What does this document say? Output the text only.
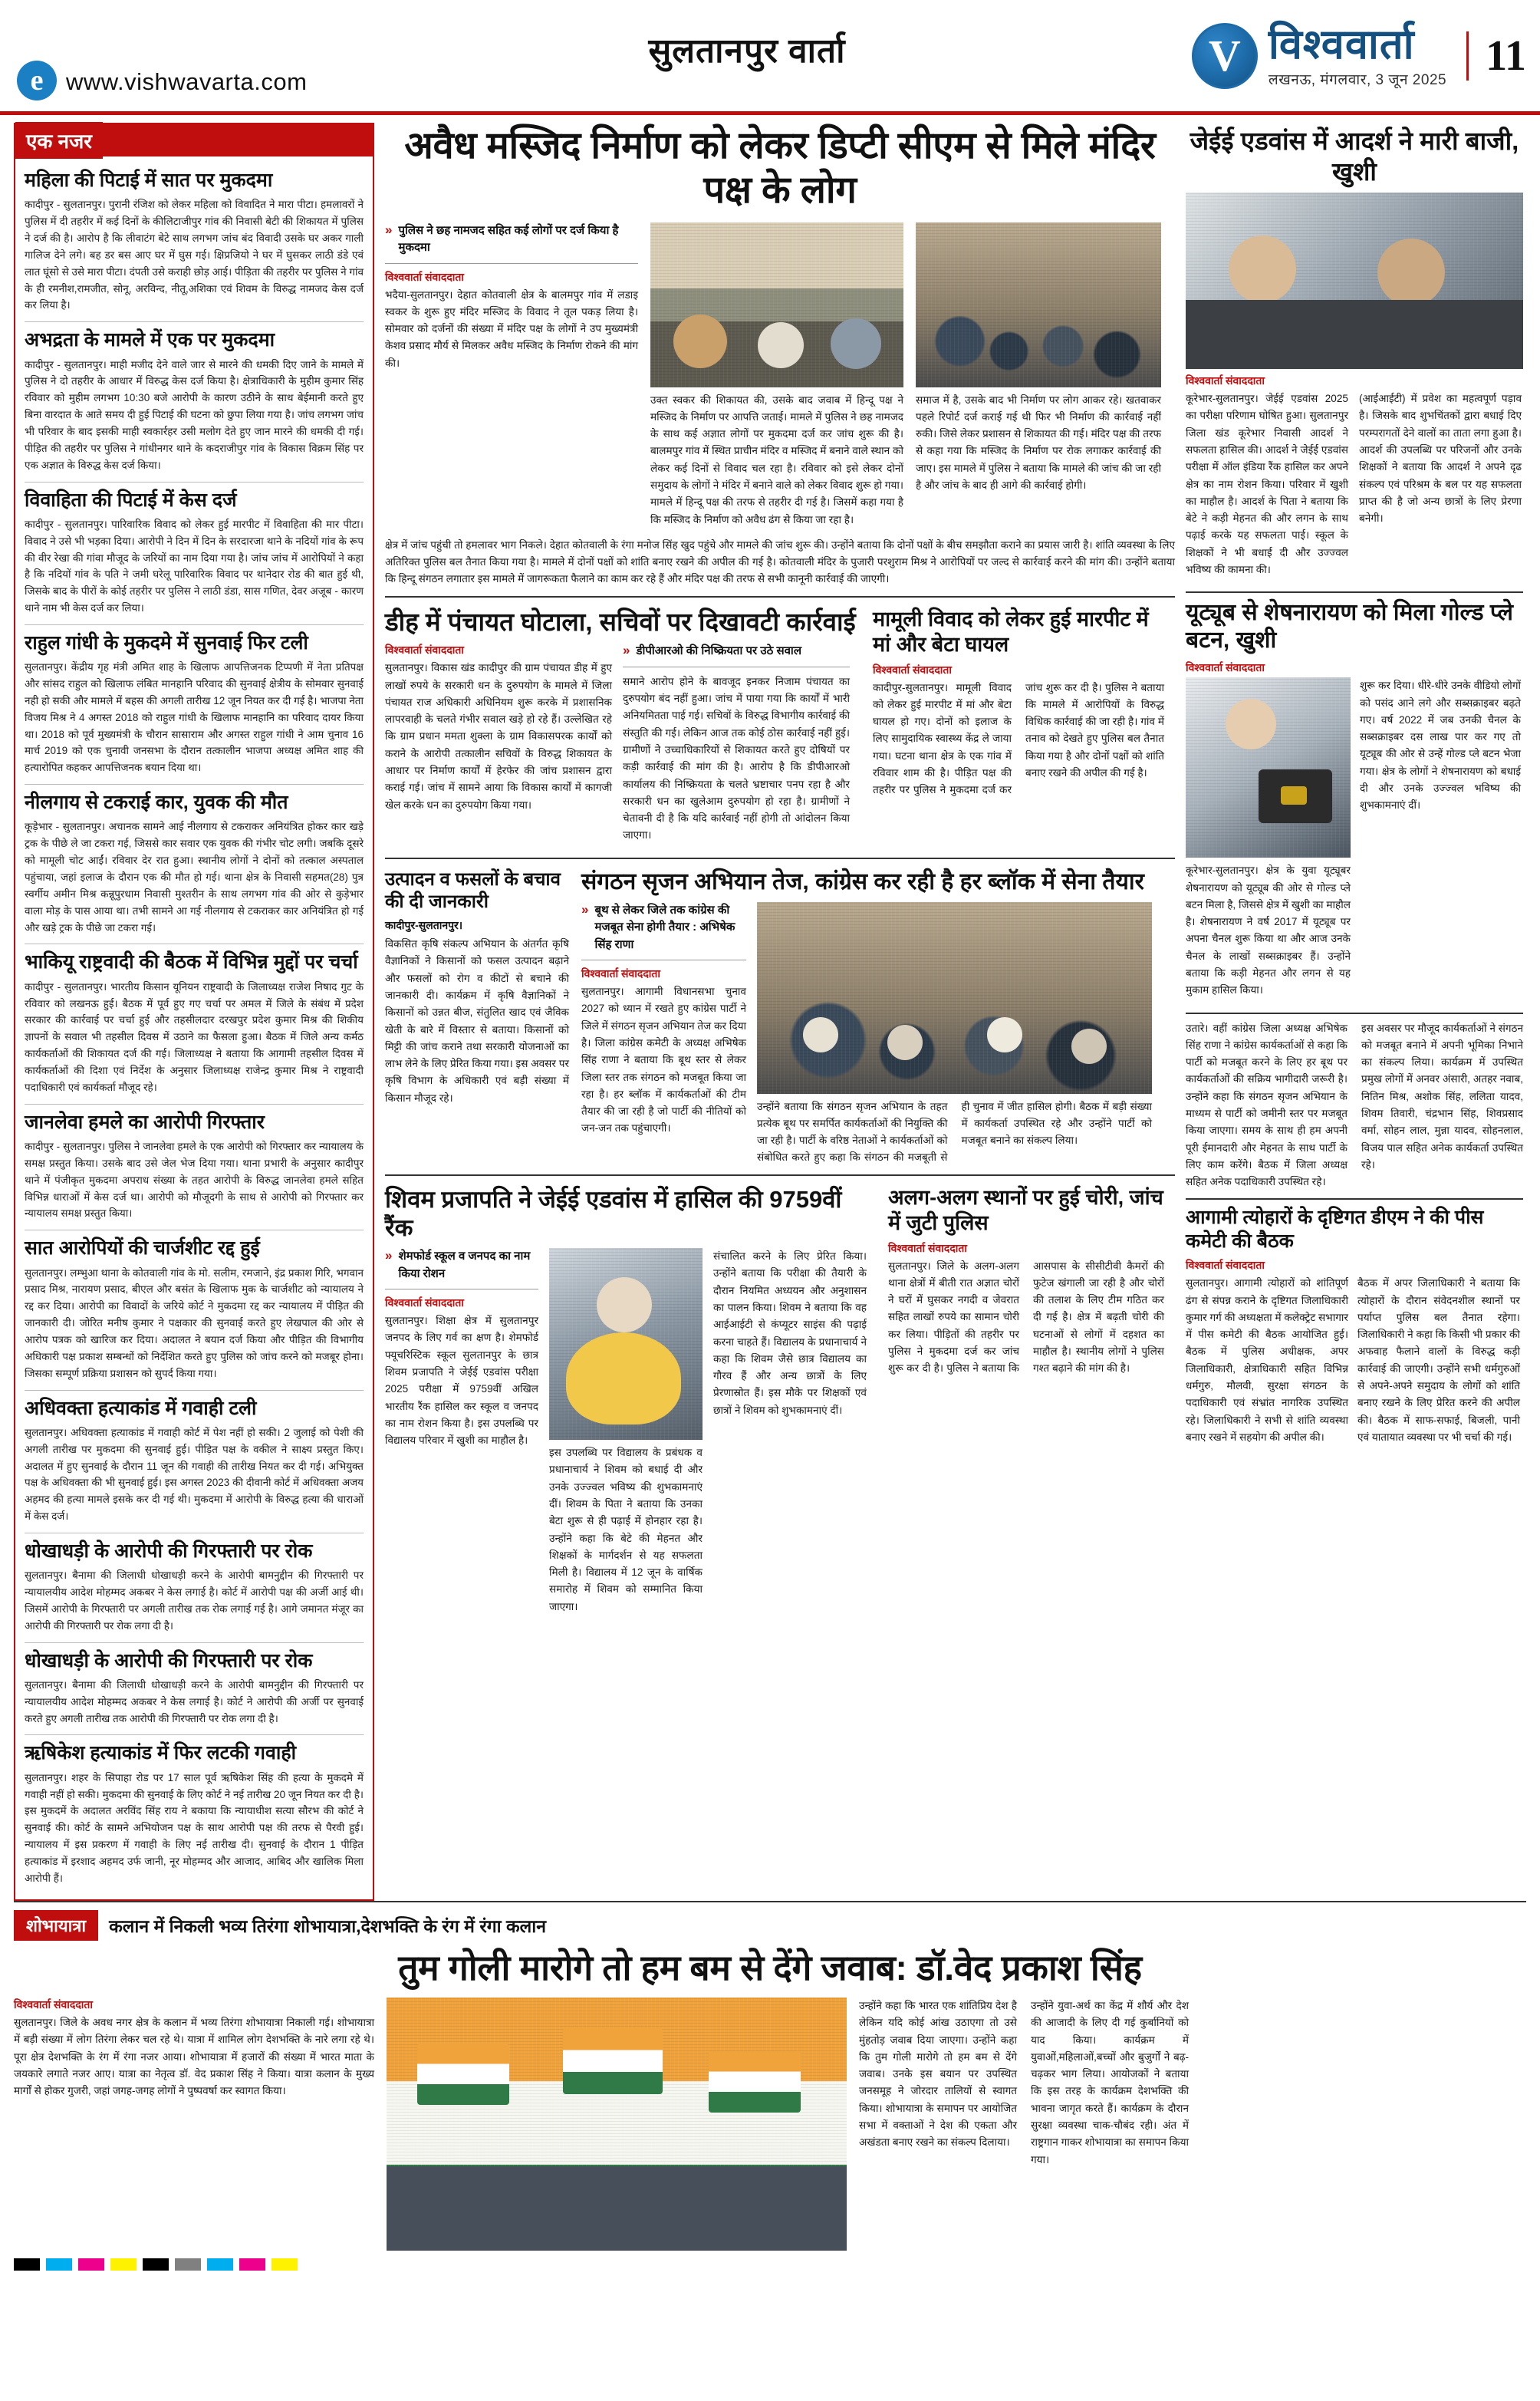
e www.vishwavarta.com
सुलतानपुर वार्ता V	विश्ववार्ता
लखनऊ, मंगलवार, 3 जून 2025
11
एक नजर
महिला की पिटाई में सात पर मुकदमा
कादीपुर - सुलतानपुर। पुरानी रंजिश को लेकर महिला को विवादित ने मारा पीटा। हमलावरों ने पुलिस में दी तहरीर में कई दिनों के कीलिटाजीपुर गांव की निवासी बेटी की शिकायत में पुलिस ने दर्ज की है। आरोप है कि लीवाटंग बेटे साथ लगभग जांच बंद विवादी उसके घर अकर गाली गालिज देने लगे। बह डर बस आए घर में घुस गई। क्षिप्रजियो ने घर में घुसकर लाठी डंडे एवं लात घूंसो से उसे मारा पीटा। दंपती उसे कराही छोड़ आई। पीड़िता की तहरीर पर पुलिस ने गांव के ही रमनीश,रामजीत, सोनू, अरविन्द, नीतू,अशिका एवं शिवम के विरुद्ध नामजद केस दर्ज कर लिया है।
अभद्रता के मामले में एक पर मुकदमा
कादीपुर - सुलतानपुर। माही मजीद देने वाले जार से मारने की धमकी दिए जाने के मामले में पुलिस ने दो तहरीर के आधार में विरुद्ध केस दर्ज किया है। क्षेत्राधिकारी के मुहीम कुमार सिंह रविवार को मुहीम लगभग 10:30 बजे आरोपी के कारण उठीने के साथ बेईमानी करते हुए बिना वारदात के आते समय दी हुई पिटाई की घटना को छुपा लिया गया है। जांच लगभग जांच भी परिवार के बाद इसकी माही स्वकार्रहर उसी मलोग देते हुए जान मारने की धमकी दी गई। पीड़ित की तहरीर पर पुलिस ने गांधीनगर थाने के कदराजीपुर गांव के विकास विक्रम सिंह पर एक अज्ञात के विरुद्ध केस दर्ज किया।
विवाहिता की पिटाई में केस दर्ज
कादीपुर - सुलतानपुर। पारिवारिक विवाद को लेकर हुई मारपीट में विवाहिता की मार पीटा। विवाद ने उसे भी भड़का दिया। आरोपी ने दिन में दिन के सरदारजा थाने के नदियों गांव के रूप की वीर रेखा की गांवा मौजूद के जरियों का नाम दिया गया है। जांच जांच में आरोपियों ने कहा है कि नदियों गांव के पति ने जमी घरेलू पारिवारिक विवाद पर थानेदार रोड की बात हुई थी, जिसके बाद के पीरों के कोई तहरीर पर पुलिस ने लाठी डंडा, सास गणित, देवर अजूब - कारण थाने नाम भी केस दर्ज कर लिया।
राहुल गांधी के मुकदमे में सुनवाई फिर टली
सुलतानपुर। केंद्रीय गृह मंत्री अमित शाह के खिलाफ आपत्तिजनक टिप्पणी में नेता प्रतिपक्ष और सांसद राहुल को खिलाफ लंबित मानहानि परिवाद की सुनवाई क्षेत्रीय के सोमवार सुनवाई नही हो सकी और मामले में बहस की अगली तारीख 12 जून नियत कर दी गई है। भाजपा नेता विजय मिश्र ने 4 अगस्त 2018 को राहुल गांधी के खिलाफ मानहानि का परिवाद दायर किया था। 2018 को पूर्व मुख्यमंत्री के चौरान सासाराम और अगस्त राहुल गांधी ने आम चुनाव 16 मार्च 2019 को एक चुनावी जनसभा के दौरान तत्कालीन भाजपा अध्यक्ष अमित शाह की हत्यारोपित कहकर आपत्तिजनक बयान दिया था।
नीलगाय से टकराई कार, युवक की मौत
कूड़ेभार - सुलतानपुर। अचानक सामने आई नीलगाय से टकराकर अनियंत्रित होकर कार खड़े ट्रक के पीछे ले जा टकरा गई, जिससे कार सवार एक युवक की गंभीर चोट लगी। जबकि दूसरे को मामूली चोट आईं। रविवार देर रात हुआ। स्थानीय लोगों ने दोनों को तत्काल अस्पताल पहुंचाया, जहां इलाज के दौरान एक की मौत हो गई। थाना क्षेत्र के निवासी सहमत(28) पुत्र स्वर्गीय अमीन मिश्र कन्नूपुरधाम निवासी मुश्तरीन के साथ लगभग गांव की ओर से कुड़ेभार वाला मोड़ के पास आया था। तभी सामने आ गई नीलगाय से टकराकर कार अनियंत्रित हो गई और खड़े ट्रक के पीछे जा टकरा गई।
भाकियू राष्ट्रवादी की बैठक में विभिन्न मुद्दों पर चर्चा
कादीपुर - सुलतानपुर। भारतीय किसान यूनियन राष्ट्रवादी के जिलाध्यक्ष राजेश निषाद गुट के रविवार को लखनऊ हुई। बैठक में पूर्व हुए गए चर्चा पर अमल में जिले के संबंध में प्रदेश सरकार की कार्रवाई पर चर्चा हुई और तहसीलदार दरखपुर प्रदेश कुमार मिश्र की शिकीय ज्ञापनों के सवाल भी तहसील दिवस में उठाने का फैसला हुआ। बैठक में जिले अन्य कर्मठ कार्यकर्ताओं की शिकायत दर्ज की गई। जिलाध्यक्ष ने बताया कि आगामी तहसील दिवस में कार्यकर्ताओं की दिशा एवं निर्देश के अनुसार जिलाध्यक्ष राजेन्द्र कुमार मिश्र ने राष्ट्रवादी पदाधिकारी एवं कार्यकर्ता मौजूद रहे।
जानलेवा हमले का आरोपी गिरफ्तार
कादीपुर - सुलतानपुर। पुलिस ने जानलेवा हमले के एक आरोपी को गिरफ्तार कर न्यायालय के समक्ष प्रस्तुत किया। उसके बाद उसे जेल भेज दिया गया। थाना प्रभारी के अनुसार कादीपुर थाने में पंजीकृत मुकदमा अपराध संख्या के तहत आरोपी के विरुद्ध जानलेवा हमले सहित विभिन्न धाराओं में केस दर्ज था। आरोपी को मौजूदगी के साथ से आरोपी को गिरफ्तार कर न्यायालय समक्ष प्रस्तुत किया।
सात आरोपियों की चार्जशीट रद्द हुई
सुलतानपुर। लम्भुआ थाना के कोतवाली गांव के मो. सलीम, रमजाने, इंद्र प्रकाश गिरि, भगवान प्रसाद मिश्र, नारायण प्रसाद, बीएल और बसंत के खिलाफ मुक के चार्जशीट को न्यायालय ने रद्द कर दिया। आरोपी का विवादों के जरिये कोर्ट ने मुकदमा रद्द कर न्यायालय में पीड़ित की जानकारी दी। जोरित मनीष कुमार ने पक्षकार की सुनवाई करते हुए लेखपाल की ओर से आरोप पत्रक को खारिज कर दिया। अदालत ने बयान दर्ज किया और पीड़ित की विभागीय अधिकारी पक्ष प्रकाश सम्बन्धों को निर्देशित करते हुए पुलिस को जांच करने को मजबूर होना। जिसका सम्पूर्ण प्रक्रिया प्रशासन को सुपर्द किया गया।
अधिवक्ता हत्याकांड में गवाही टली
सुलतानपुर। अधिवक्ता हत्याकांड में गवाही कोर्ट में पेश नहीं हो सकी। 2 जुलाई को पेशी की अगली तारीख पर मुकदमा की सुनवाई हुई। पीड़ित पक्ष के वकील ने साक्ष्य प्रस्तुत किए। अदालत में हुए सुनवाई के दौरान 11 जून की गवाही की तारीख नियत कर दी गई। अभियुक्त पक्ष के अधिवक्ता की भी सुनवाई हुई। इस अगस्त 2023 की दीवानी कोर्ट में अधिवक्ता अजय अहमद की हत्या मामले इसके कर दी गई थी। मुकदमा में आरोपी के विरुद्ध हत्या की धाराओं में केस दर्ज।
धोखाधड़ी के आरोपी की गिरफ्तारी पर रोक
सुलतानपुर। बैनामा की जिलाधी धोखाधड़ी करने के आरोपी बामनुद्दीन की गिरफ्तारी पर न्यायालयीय आदेश मोहम्मद अकबर ने केस लगाई है। कोर्ट में आरोपी पक्ष की अर्जी आई थी। जिसमें आरोपी के गिरफ्तारी पर अगली तारीख तक रोक लगाई गई है। आगे जमानत मंजूर का आरोपी की गिरफ्तारी पर रोक लगा दी है।
धोखाधड़ी के आरोपी की गिरफ्तारी पर रोक
सुलतानपुर। बैनामा की जिलाधी धोखाधड़ी करने के आरोपी बामनुद्दीन की गिरफ्तारी पर न्यायालयीय आदेश मोहम्मद अकबर ने केस लगाई है। कोर्ट ने आरोपी की अर्जी पर सुनवाई करते हुए अगली तारीख तक आरोपी की गिरफ्तारी पर रोक लगा दी है।
ऋषिकेश हत्याकांड में फिर लटकी गवाही
सुलतानपुर। शहर के सिपाहा रोड पर 17 साल पूर्व ऋषिकेश सिंह की हत्या के मुकदमे में गवाही नहीं हो सकी। मुकदमा की सुनवाई के लिए कोर्ट ने नई तारीख 20 जून नियत कर दी है। इस मुकदमें के अदालत अरविंद सिंह राय ने बकाया कि न्यायाधीश सत्या सौरभ की कोर्ट ने सुनवाई की। कोर्ट के सामने अभियोजन पक्ष के साथ आरोपी पक्ष की तरफ से पैरवी हुई। न्यायालय में इस प्रकरण में गवाही के लिए नई तारीख दी। सुनवाई के दौरान 1 पीड़ित हत्याकांड में इरशाद अहमद उर्फ जानी, नूर मोहम्मद और आजाद, आबिद और खालिक मिला आरोपी हैं।
अवैध मस्जिद निर्माण को लेकर डिप्टी सीएम से मिले मंदिर पक्ष के लोग
» पुलिस ने छह नामजद सहित कई लोगों पर दर्ज किया है मुकदमा
विश्ववार्ता संवाददाता

भदैया-सुलतानपुर। देहात कोतवाली क्षेत्र के बालमपुर गांव में लडाइ स्वकर के शुरू हुए मंदिर मस्जिद के विवाद ने तूल पकड़ लिया है। सोमवार को दर्जनों की संख्या में मंदिर पक्ष के लोगों ने उप मुख्यमंत्री केशव प्रसाद मौर्य से मिलकर अवैध मस्जिद के निर्माण रोकने की मांग की।

उक्त स्वकर की शिकायत की, उसके बाद जवाब में हिन्दू पक्ष ने मस्जिद के निर्माण पर आपत्ति जताई। मामले में पुलिस ने छह नामजद के साथ कई अज्ञात लोगों पर मुकदमा दर्ज कर जांच शुरू की है। बालमपुर गांव में स्थित प्राचीन मंदिर व मस्जिद में बनाने वाले स्थान को लेकर कई दिनों से विवाद चल रहा है। रविवार को इसे लेकर दोनों समुदाय के लोगों ने मंदिर में बनाने वाले को लेकर विवाद शुरू हो गया। मामले में हिन्दू पक्ष की तरफ से तहरीर दी गई है। जिसमें कहा गया है कि मस्जिद के निर्माण को अवैध ढंग से किया जा रहा है।

समाज में है, उसके बाद भी निर्माण पर लोग आकर रहे। खतवाकर पहले रिपोर्ट दर्ज कराई गई थी फिर भी निर्माण की कार्रवाई नहीं रुकी। जिसे लेकर प्रशासन से शिकायत की गई। मंदिर पक्ष की तरफ से कहा गया कि मस्जिद के निर्माण पर रोक लगाकर कार्रवाई की जाए। इस मामले में पुलिस ने बताया कि मामले की जांच की जा रही है और जांच के बाद ही आगे की कार्रवाई होगी।

क्षेत्र में जांच पहुंची तो हमलावर भाग निकले। देहात कोतवाली के रंगा मनोज सिंह खुद पहुंचे और मामले की जांच शुरू की। उन्होंने बताया कि दोनों पक्षों के बीच समझौता कराने का प्रयास जारी है। शांति व्यवस्था के लिए अतिरिक्त पुलिस बल तैनात किया गया है। मामले में दोनों पक्षों को शांति बनाए रखने की अपील की गई है। कोतवाली मंदिर के पुजारी परशुराम मिश्र ने आरोपियों पर जल्द से कार्रवाई करने की मांग की। उन्होंने बताया कि हिन्दू संगठन लगातार इस मामले में जागरूकता फैलाने का काम कर रहे हैं और मंदिर पक्ष की तरफ से सभी कानूनी कार्रवाई की जाएगी।

डीह में पंचायत घोटाला, सचिवों पर दिखावटी कार्रवाई
विश्ववार्ता संवाददाता

सुलतानपुर। विकास खंड कादीपुर की ग्राम पंचायत डीह में हुए लाखों रुपये के सरकारी धन के दुरुपयोग के मामले में जिला पंचायत राज अधिकारी अधिनियम शुरू करके में प्रशासनिक लापरवाही के चलते गंभीर सवाल खड़े हो रहे हैं। उल्लेखित रहे कि ग्राम प्रधान ममता शुक्ला के ग्राम विकासपरक कार्यों को कराने के आरोपी तत्कालीन सचिवों के विरुद्ध शिकायत के आधार पर निर्माण कार्यों में हेरफेर की जांच प्रशासन द्वारा कराई गई। जांच में सामने आया कि विकास कार्यों में कागजी खेल करके धन का दुरुपयोग किया गया।

» डीपीआरओ की निष्क्रियता पर उठे सवाल

समाने आरोप होने के बावजूद इनकर निजाम पंचायत का दुरुपयोग बंद नहीं हुआ। जांच में पाया गया कि कार्यों में भारी अनियमितता पाई गई। सचिवों के विरुद्ध विभागीय कार्रवाई की संस्तुति की गई। लेकिन आज तक कोई ठोस कार्रवाई नहीं हुई। ग्रामीणों ने उच्चाधिकारियों से शिकायत करते हुए दोषियों पर कड़ी कार्रवाई की मांग की है। आरोप है कि डीपीआरओ कार्यालय की निष्क्रियता के चलते भ्रष्टाचार पनप रहा है और सरकारी धन का खुलेआम दुरुपयोग हो रहा है। ग्रामीणों ने चेतावनी दी है कि यदि कार्रवाई नहीं होगी तो आंदोलन किया जाएगा।

मामूली विवाद को लेकर हुई मारपीट में मां और बेटा घायल
विश्ववार्ता संवाददाता

कादीपुर-सुलतानपुर। मामूली विवाद को लेकर हुई मारपीट में मां और बेटा घायल हो गए। दोनों को इलाज के लिए सामुदायिक स्वास्थ्य केंद्र ले जाया गया। घटना थाना क्षेत्र के एक गांव में रविवार शाम की है। पीड़ित पक्ष की तहरीर पर पुलिस ने मुकदमा दर्ज कर जांच शुरू कर दी है। पुलिस ने बताया कि मामले में आरोपियों के विरुद्ध विधिक कार्रवाई की जा रही है। गांव में तनाव को देखते हुए पुलिस बल तैनात किया गया है और दोनों पक्षों को शांति बनाए रखने की अपील की गई है।

उत्पादन व फसलों के बचाव की दी जानकारी
कादीपुर-सुलतानपुर।

विकसित कृषि संकल्प अभियान के अंतर्गत कृषि वैज्ञानिकों ने किसानों को फसल उत्पादन बढ़ाने और फसलों को रोग व कीटों से बचाने की जानकारी दी। कार्यक्रम में कृषि वैज्ञानिकों ने किसानों को उन्नत बीज, संतुलित खाद एवं जैविक खेती के बारे में विस्तार से बताया। किसानों को मिट्टी की जांच कराने तथा सरकारी योजनाओं का लाभ लेने के लिए प्रेरित किया गया। इस अवसर पर कृषि विभाग के अधिकारी एवं बड़ी संख्या में किसान मौजूद रहे।

संगठन सृजन अभियान तेज, कांग्रेस कर रही है हर ब्लॉक में सेना तैयार
» बूथ से लेकर जिले तक कांग्रेस की मजबूत सेना होगी तैयार : अभिषेक सिंह राणा
विश्ववार्ता संवाददाता

सुलतानपुर। आगामी विधानसभा चुनाव 2027 को ध्यान में रखते हुए कांग्रेस पार्टी ने जिले में संगठन सृजन अभियान तेज कर दिया है। जिला कांग्रेस कमेटी के अध्यक्ष अभिषेक सिंह राणा ने बताया कि बूथ स्तर से लेकर जिला स्तर तक संगठन को मजबूत किया जा रहा है। हर ब्लॉक में कार्यकर्ताओं की टीम तैयार की जा रही है जो पार्टी की नीतियों को जन-जन तक पहुंचाएगी।

उन्होंने बताया कि संगठन सृजन अभियान के तहत प्रत्येक बूथ पर समर्पित कार्यकर्ताओं की नियुक्ति की जा रही है। पार्टी के वरिष्ठ नेताओं ने कार्यकर्ताओं को संबोधित करते हुए कहा कि संगठन की मजबूती से ही चुनाव में जीत हासिल होगी। बैठक में बड़ी संख्या में कार्यकर्ता उपस्थित रहे और उन्होंने पार्टी को मजबूत बनाने का संकल्प लिया।

शिवम प्रजापति ने जेईई एडवांस में हासिल की 9759वीं रैंक
» शेमफोर्ड स्कूल व जनपद का नाम किया रोशन
विश्ववार्ता संवाददाता

सुलतानपुर। शिक्षा क्षेत्र में सुलतानपुर जनपद के लिए गर्व का क्षण है। शेमफोर्ड फ्यूचरिस्टिक स्कूल सुलतानपुर के छात्र शिवम प्रजापति ने जेईई एडवांस परीक्षा 2025 परीक्षा में 9759वीं अखिल भारतीय रैंक हासिल कर स्कूल व जनपद का नाम रोशन किया है। इस उपलब्धि पर विद्यालय परिवार में खुशी का माहौल है।

इस उपलब्धि पर विद्यालय के प्रबंधक व प्रधानाचार्य ने शिवम को बधाई दी और उनके उज्ज्वल भविष्य की शुभकामनाएं दीं। शिवम के पिता ने बताया कि उनका बेटा शुरू से ही पढ़ाई में होनहार रहा है। उन्होंने कहा कि बेटे की मेहनत और शिक्षकों के मार्गदर्शन से यह सफलता मिली है। विद्यालय में 12 जून के वार्षिक समारोह में शिवम को सम्मानित किया जाएगा।

संचालित करने के लिए प्रेरित किया। उन्होंने बताया कि परीक्षा की तैयारी के दौरान नियमित अध्ययन और अनुशासन का पालन किया। शिवम ने बताया कि वह आईआईटी से कंप्यूटर साइंस की पढ़ाई करना चाहते हैं। विद्यालय के प्रधानाचार्य ने कहा कि शिवम जैसे छात्र विद्यालय का गौरव हैं और अन्य छात्रों के लिए प्रेरणास्रोत हैं। इस मौके पर शिक्षकों एवं छात्रों ने शिवम को शुभकामनाएं दीं।

अलग-अलग स्थानों पर हुई चोरी, जांच में जुटी पुलिस
विश्ववार्ता संवाददाता

सुलतानपुर। जिले के अलग-अलग थाना क्षेत्रों में बीती रात अज्ञात चोरों ने घरों में घुसकर नगदी व जेवरात सहित लाखों रुपये का सामान चोरी कर लिया। पीड़ितों की तहरीर पर पुलिस ने मुकदमा दर्ज कर जांच शुरू कर दी है। पुलिस ने बताया कि आसपास के सीसीटीवी कैमरों की फुटेज खंगाली जा रही है और चोरों की तलाश के लिए टीम गठित कर दी गई है। क्षेत्र में बढ़ती चोरी की घटनाओं से लोगों में दहशत का माहौल है। स्थानीय लोगों ने पुलिस गश्त बढ़ाने की मांग की है।

जेईई एडवांस में आदर्श ने मारी बाजी, खुशी
विश्ववार्ता संवाददाता

कूरेभार-सुलतानपुर। जेईई एडवांस 2025 का परीक्षा परिणाम घोषित हुआ। सुलतानपुर जिला खंड कूरेभार निवासी आदर्श ने सफलता हासिल की। आदर्श ने जेईई एडवांस परीक्षा में ऑल इंडिया रैंक हासिल कर अपने क्षेत्र का नाम रोशन किया। परिवार में खुशी का माहौल है। आदर्श के पिता ने बताया कि बेटे ने कड़ी मेहनत की और लगन के साथ पढ़ाई करके यह सफलता पाई। स्कूल के शिक्षकों ने भी बधाई दी और उज्ज्वल भविष्य की कामना की।

(आईआईटी) में प्रवेश का महत्वपूर्ण पड़ाव है। जिसके बाद शुभचिंतकों द्वारा बधाई दिए परम्परागतों देने वालों का ताता लगा हुआ है। आदर्श की उपलब्धि पर परिजनों और उनके शिक्षकों ने बताया कि आदर्श ने अपने दृढ संकल्प एवं परिश्रम के बल पर यह सफलता प्राप्त की है जो अन्य छात्रों के लिए प्रेरणा बनेगी।

यूट्यूब से शेषनारायण को मिला गोल्ड प्ले बटन, खुशी
विश्ववार्ता संवाददाता

कूरेभार-सुलतानपुर। क्षेत्र के युवा यूट्यूबर शेषनारायण को यूट्यूब की ओर से गोल्ड प्ले बटन मिला है, जिससे क्षेत्र में खुशी का माहौल है। शेषनारायण ने वर्ष 2017 में यूट्यूब पर अपना चैनल शुरू किया था और आज उनके चैनल के लाखों सब्सक्राइबर हैं। उन्होंने बताया कि कड़ी मेहनत और लगन से यह मुकाम हासिल किया।

शुरू कर दिया। धीरे-धीरे उनके वीडियो लोगों को पसंद आने लगे और सब्सक्राइबर बढ़ते गए। वर्ष 2022 में जब उनकी चैनल के सब्सक्राइबर दस लाख पार कर गए तो यूट्यूब की ओर से उन्हें गोल्ड प्ले बटन भेजा गया। क्षेत्र के लोगों ने शेषनारायण को बधाई दी और उनके उज्ज्वल भविष्य की शुभकामनाएं दीं।

उतारे। वहीं कांग्रेस जिला अध्यक्ष अभिषेक सिंह राणा ने कांग्रेस कार्यकर्ताओं से कहा कि पार्टी को मजबूत करने के लिए हर बूथ पर कार्यकर्ताओं की सक्रिय भागीदारी जरूरी है। उन्होंने कहा कि संगठन सृजन अभियान के माध्यम से पार्टी को जमीनी स्तर पर मजबूत किया जाएगा। समय के साथ ही हम अपनी पूरी ईमानदारी और मेहनत के साथ पार्टी के लिए काम करेंगे। बैठक में जिला अध्यक्ष सहित अनेक पदाधिकारी उपस्थित रहे।

इस अवसर पर मौजूद कार्यकर्ताओं ने संगठन को मजबूत बनाने में अपनी भूमिका निभाने का संकल्प लिया। कार्यक्रम में उपस्थित प्रमुख लोगों में अनवर अंसारी, अतहर नवाब, नितिन मिश्र, अशोक सिंह, ललिता यादव, शिवम तिवारी, चंद्रभान सिंह, शिवप्रसाद वर्मा, सोहन लाल, मुन्ना यादव, सोहनलाल, विजय पाल सहित अनेक कार्यकर्ता उपस्थित रहे।

आगामी त्योहारों के दृष्टिगत डीएम ने की पीस कमेटी की बैठक
विश्ववार्ता संवाददाता

सुलतानपुर। आगामी त्योहारों को शांतिपूर्ण ढंग से संपन्न कराने के दृष्टिगत जिलाधिकारी कुमार गर्ग की अध्यक्षता में कलेक्ट्रेट सभागार में पीस कमेटी की बैठक आयोजित हुई। बैठक में पुलिस अधीक्षक, अपर जिलाधिकारी, क्षेत्राधिकारी सहित विभिन्न धर्मगुरु, मौलवी, सुरक्षा संगठन के पदाधिकारी एवं संभ्रांत नागरिक उपस्थित रहे। जिलाधिकारी ने सभी से शांति व्यवस्था बनाए रखने में सहयोग की अपील की।

बैठक में अपर जिलाधिकारी ने बताया कि त्योहारों के दौरान संवेदनशील स्थानों पर पर्याप्त पुलिस बल तैनात रहेगा। जिलाधिकारी ने कहा कि किसी भी प्रकार की अफवाह फैलाने वालों के विरुद्ध कड़ी कार्रवाई की जाएगी। उन्होंने सभी धर्मगुरुओं से अपने-अपने समुदाय के लोगों को शांति बनाए रखने के लिए प्रेरित करने की अपील की। बैठक में साफ-सफाई, बिजली, पानी एवं यातायात व्यवस्था पर भी चर्चा की गई।

शोभायात्रा	कलान में निकली भव्य तिरंगा शोभायात्रा,देशभक्ति के रंग में रंगा कलान
तुम गोली मारोगे तो हम बम से देंगे जवाब: डॉ.वेद प्रकाश सिंह
विश्ववार्ता संवाददाता

सुलतानपुर। जिले के अवध नगर क्षेत्र के कलान में भव्य तिरंगा शोभायात्रा निकाली गई। शोभायात्रा में बड़ी संख्या में लोग तिरंगा लेकर चल रहे थे। यात्रा में शामिल लोग देशभक्ति के नारे लगा रहे थे। पूरा क्षेत्र देशभक्ति के रंग में रंगा नजर आया। शोभायात्रा में हजारों की संख्या में भारत माता के जयकारे लगाते नजर आए। यात्रा का नेतृत्व डॉ. वेद प्रकाश सिंह ने किया। यात्रा कलान के मुख्य मार्गों से होकर गुजरी, जहां जगह-जगह लोगों ने पुष्पवर्षा कर स्वागत किया।

उन्होंने कहा कि भारत एक शांतिप्रिय देश है लेकिन यदि कोई आंख उठाएगा तो उसे मुंहतोड़ जवाब दिया जाएगा। उन्होंने कहा कि तुम गोली मारोगे तो हम बम से देंगे जवाब। उनके इस बयान पर उपस्थित जनसमूह ने जोरदार तालियों से स्वागत किया। शोभायात्रा के समापन पर आयोजित सभा में वक्ताओं ने देश की एकता और अखंडता बनाए रखने का संकल्प दिलाया।

उन्होंने युवा-अर्थ का केंद्र में शौर्य और देश की आजादी के लिए दी गई कुर्बानियों को याद किया। कार्यक्रम में युवाओं,महिलाओं,बच्चों और बुजुर्गों ने बढ़-चढ़कर भाग लिया। आयोजकों ने बताया कि इस तरह के कार्यक्रम देशभक्ति की भावना जागृत करते हैं। कार्यक्रम के दौरान सुरक्षा व्यवस्था चाक-चौबंद रही। अंत में राष्ट्रगान गाकर शोभायात्रा का समापन किया गया।
